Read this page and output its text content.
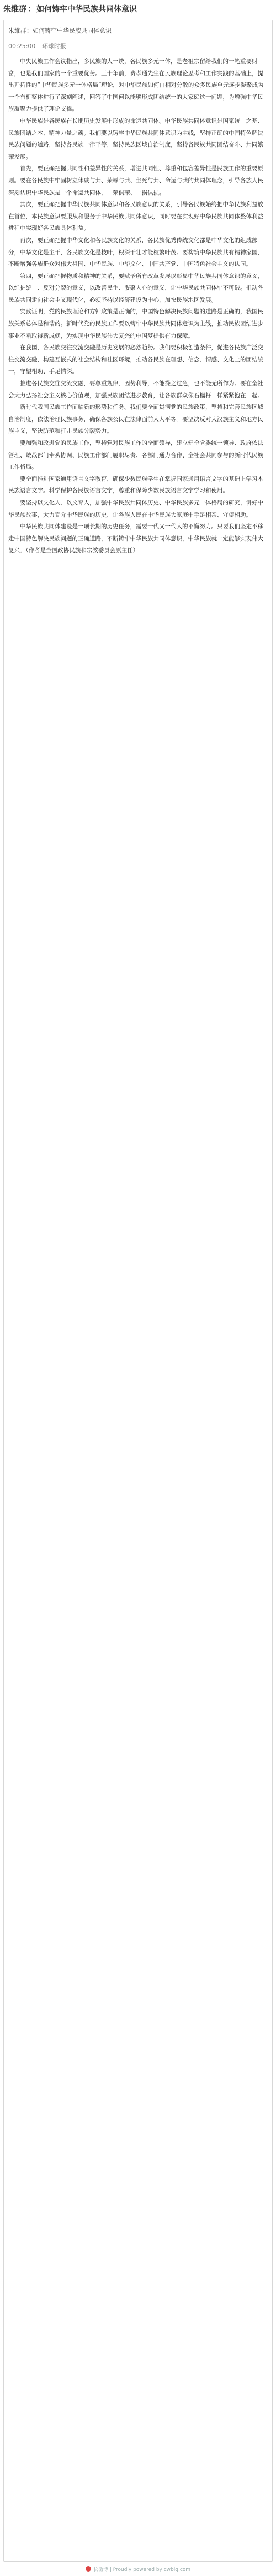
朱维群 ： 如何铸牢中华民族共同体意识
朱维群：如何铸牢中华民族共同体意识
00:25:00 环球时报

中央民族工作会议指出，多民族的大一统，各民族多元一体，是老祖宗留给我们的一笔重要财富，也是我们国家的一个重要优势。三十年前，费孝通先生在民族理论思考和工作实践的基础上，提出开拓性的“中华民族多元一体格局”理论，对中华民族如何由相对分散的众多民族单元逐步凝聚成为一个有机整体进行了深刻阐述，回答了中国何以能够形成团结统一的大家庭这一问题，为增强中华民族凝聚力提供了理论支撑。

中华民族是各民族在长期历史发展中形成的命运共同体。中华民族共同体意识是国家统一之基、民族团结之本、精神力量之魂。我们要以铸牢中华民族共同体意识为主线，坚持正确的中国特色解决民族问题的道路，坚持各民族一律平等，坚持民族区域自治制度，坚持各民族共同团结奋斗、共同繁荣发展。

首先，要正确把握共同性和差异性的关系，增进共同性、尊重和包容差异性是民族工作的重要原则。要在各民族中牢固树立休戚与共、荣辱与共、生死与共、命运与共的共同体理念，引导各族人民深刻认识中华民族是一个命运共同体，一荣俱荣、一损俱损。

其次，要正确把握中华民族共同体意识和各民族意识的关系，引导各民族始终把中华民族利益放在首位，本民族意识要服从和服务于中华民族共同体意识，同时要在实现好中华民族共同体整体利益进程中实现好各民族具体利益。

再次，要正确把握中华文化和各民族文化的关系，各民族优秀传统文化都是中华文化的组成部分，中华文化是主干，各民族文化是枝叶，根深干壮才能枝繁叶茂。要构筑中华民族共有精神家园，不断增强各族群众对伟大祖国、中华民族、中华文化、中国共产党、中国特色社会主义的认同。

第四，要正确把握物质和精神的关系，要赋予所有改革发展以彰显中华民族共同体意识的意义，以维护统一、反对分裂的意义，以改善民生、凝聚人心的意义，让中华民族共同体牢不可破。推动各民族共同走向社会主义现代化，必须坚持以经济建设为中心，加快民族地区发展。

实践证明，党的民族理论和方针政策是正确的，中国特色解决民族问题的道路是正确的，我国民族关系总体是和谐的。新时代党的民族工作要以铸牢中华民族共同体意识为主线，推动民族团结进步事业不断取得新成就，为实现中华民族伟大复兴的中国梦提供有力保障。

在我国，各民族交往交流交融是历史发展的必然趋势。我们要积极创造条件，促进各民族广泛交往交流交融，构建互嵌式的社会结构和社区环境，推动各民族在理想、信念、情感、文化上的团结统一，守望相助、手足情深。

推进各民族交往交流交融，要尊重规律、因势利导，不能操之过急，也不能无所作为。要在全社会大力弘扬社会主义核心价值观，加强民族团结进步教育，让各族群众像石榴籽一样紧紧抱在一起。

新时代我国民族工作面临新的形势和任务。我们要全面贯彻党的民族政策，坚持和完善民族区域自治制度，依法治理民族事务，确保各族公民在法律面前人人平等。要坚决反对大汉族主义和地方民族主义，坚决防范和打击民族分裂势力。

要加强和改进党的民族工作，坚持党对民族工作的全面领导，建立健全党委统一领导、政府依法管理、统战部门牵头协调、民族工作部门履职尽责、各部门通力合作、全社会共同参与的新时代民族工作格局。

要全面推进国家通用语言文字教育，确保少数民族学生在掌握国家通用语言文字的基础上学习本民族语言文字。科学保护各民族语言文字，尊重和保障少数民族语言文字学习和使用。

要坚持以文化人、以文育人，加强中华民族共同体历史、中华民族多元一体格局的研究，讲好中华民族故事，大力宣介中华民族的历史，让各族人民在中华民族大家庭中手足相亲、守望相助。

中华民族共同体建设是一项长期的历史任务，需要一代又一代人的不懈努力。只要我们坚定不移走中国特色解决民族问题的正确道路，不断铸牢中华民族共同体意识，中华民族就一定能够实现伟大复兴。（作者是全国政协民族和宗教委员会原主任）

长微博 | Proudly powered by cwbig.com
